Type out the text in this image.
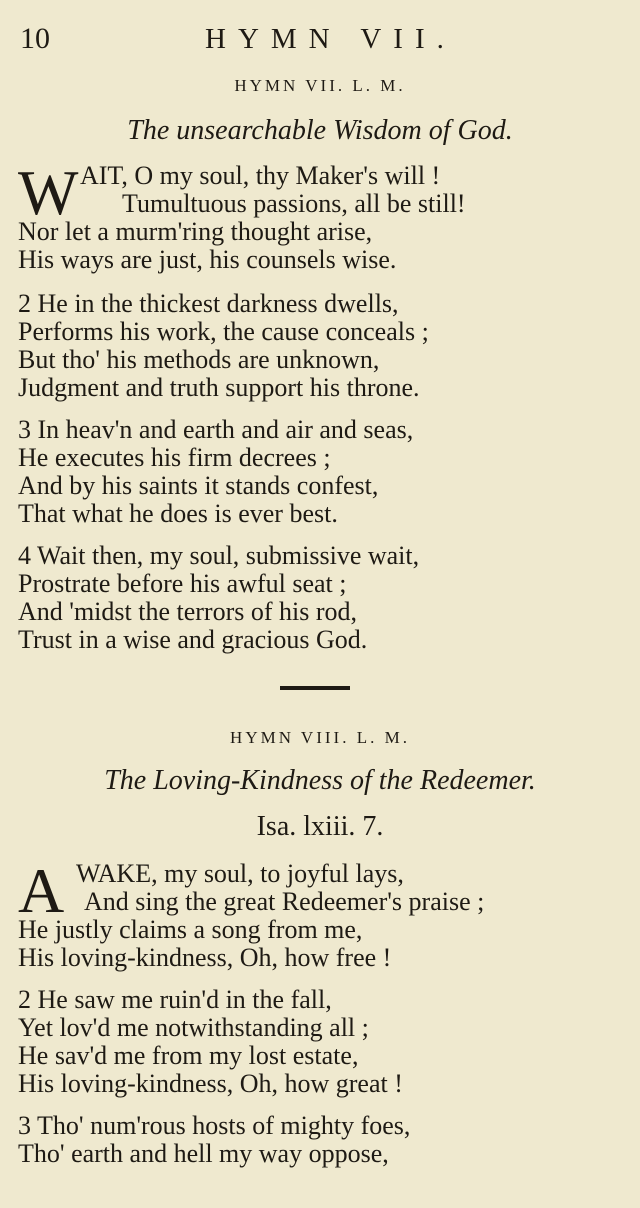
10	HYMN VII.
HYMN VII. L. M.
The unsearchable Wisdom of God.
W AIT, O my soul, thy Maker's will !
Tumultuous passions, all be still!
Nor let a murm'ring thought arise,
His ways are just, his counsels wise.
2 He in the thickest darkness dwells,
Performs his work, the cause conceals ;
But tho' his methods are unknown,
Judgment and truth support his throne.
3 In heav'n and earth and air and seas,
He executes his firm decrees ;
And by his saints it stands confest,
That what he does is ever best.
4 Wait then, my soul, submissive wait,
Prostrate before his awful seat ;
And 'midst the terrors of his rod,
Trust in a wise and gracious God.
HYMN VIII. L. M.
The Loving-Kindness of the Redeemer.
Isa. lxiii. 7.
A WAKE, my soul, to joyful lays,
And sing the great Redeemer's praise ;
He justly claims a song from me,
His loving-kindness, Oh, how free !
2 He saw me ruin'd in the fall,
Yet lov'd me notwithstanding all ;
He sav'd me from my lost estate,
His loving-kindness, Oh, how great !
3 Tho' num'rous hosts of mighty foes,
Tho' earth and hell my way oppose,
